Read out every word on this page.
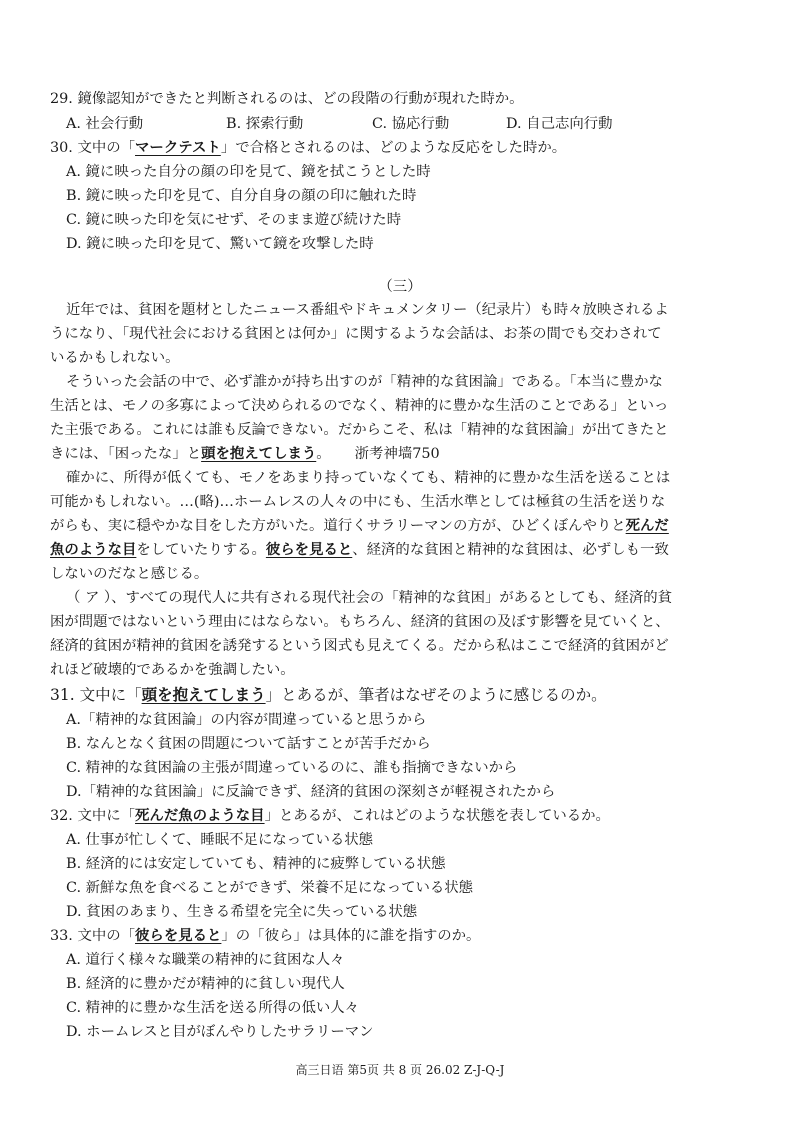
29. 鏡像認知ができたと判断されるのは、どの段階の行動が現れた時か。
A. 社会行動	B. 探索行動	C. 協応行動	D. 自己志向行動
30. 文中の「マークテスト」で合格とされるのは、どのような反応をした時か。
A. 鏡に映った自分の顔の印を見て、鏡を拭こうとした時
B. 鏡に映った印を見て、自分自身の顔の印に触れた時
C. 鏡に映った印を気にせず、そのまま遊び続けた時
D. 鏡に映った印を見て、驚いて鏡を攻撃した時
（三）
近年では、貧困を題材としたニュース番組やドキュメンタリー（纪录片）も時々放映されるよ
うになり、「現代社会における貧困とは何か」に関するような会話は、お茶の間でも交わされて
いるかもしれない。
そういった会話の中で、必ず誰かが持ち出すのが「精神的な貧困論」である。「本当に豊かな
生活とは、モノの多寡によって決められるのでなく、精神的に豊かな生活のことである」といっ
た主張である。これには誰も反論できない。だからこそ、私は「精神的な貧困論」が出てきたと
きには、「困ったな」と頭を抱えてしまう。 浙考神墙750
確かに、所得が低くても、モノをあまり持っていなくても、精神的に豊かな生活を送ることは
可能かもしれない。…(略)…ホームレスの人々の中にも、生活水準としては極貧の生活を送りな
がらも、実に穏やかな目をした方がいた。道行くサラリーマンの方が、ひどくぼんやりと死んだ
魚のような目をしていたりする。彼らを見ると、経済的な貧困と精神的な貧困は、必ずしも一致
しないのだなと感じる。
（ ア ）、すべての現代人に共有される現代社会の「精神的な貧困」があるとしても、経済的貧
困が問題ではないという理由にはならない。もちろん、経済的貧困の及ぼす影響を見ていくと、
経済的貧困が精神的貧困を誘発するという図式も見えてくる。だから私はここで経済的貧困がど
れほど破壊的であるかを強調したい。
31. 文中に「頭を抱えてしまう」とあるが、筆者はなぜそのように感じるのか。
A.「精神的な貧困論」の内容が間違っていると思うから
B. なんとなく貧困の問題について話すことが苦手だから
C. 精神的な貧困論の主張が間違っているのに、誰も指摘できないから
D.「精神的な貧困論」に反論できず、経済的貧困の深刻さが軽視されたから
32. 文中に「死んだ魚のような目」とあるが、これはどのような状態を表しているか。
A. 仕事が忙しくて、睡眠不足になっている状態
B. 経済的には安定していても、精神的に疲弊している状態
C. 新鮮な魚を食べることができず、栄養不足になっている状態
D. 貧困のあまり、生きる希望を完全に失っている状態
33. 文中の「彼らを見ると」の「彼ら」は具体的に誰を指すのか。
A. 道行く様々な職業の精神的に貧困な人々
B. 経済的に豊かだが精神的に貧しい現代人
C. 精神的に豊かな生活を送る所得の低い人々
D. ホームレスと目がぼんやりしたサラリーマン
高三日语 第5页 共 8 页 26.02 Z-J-Q-J
